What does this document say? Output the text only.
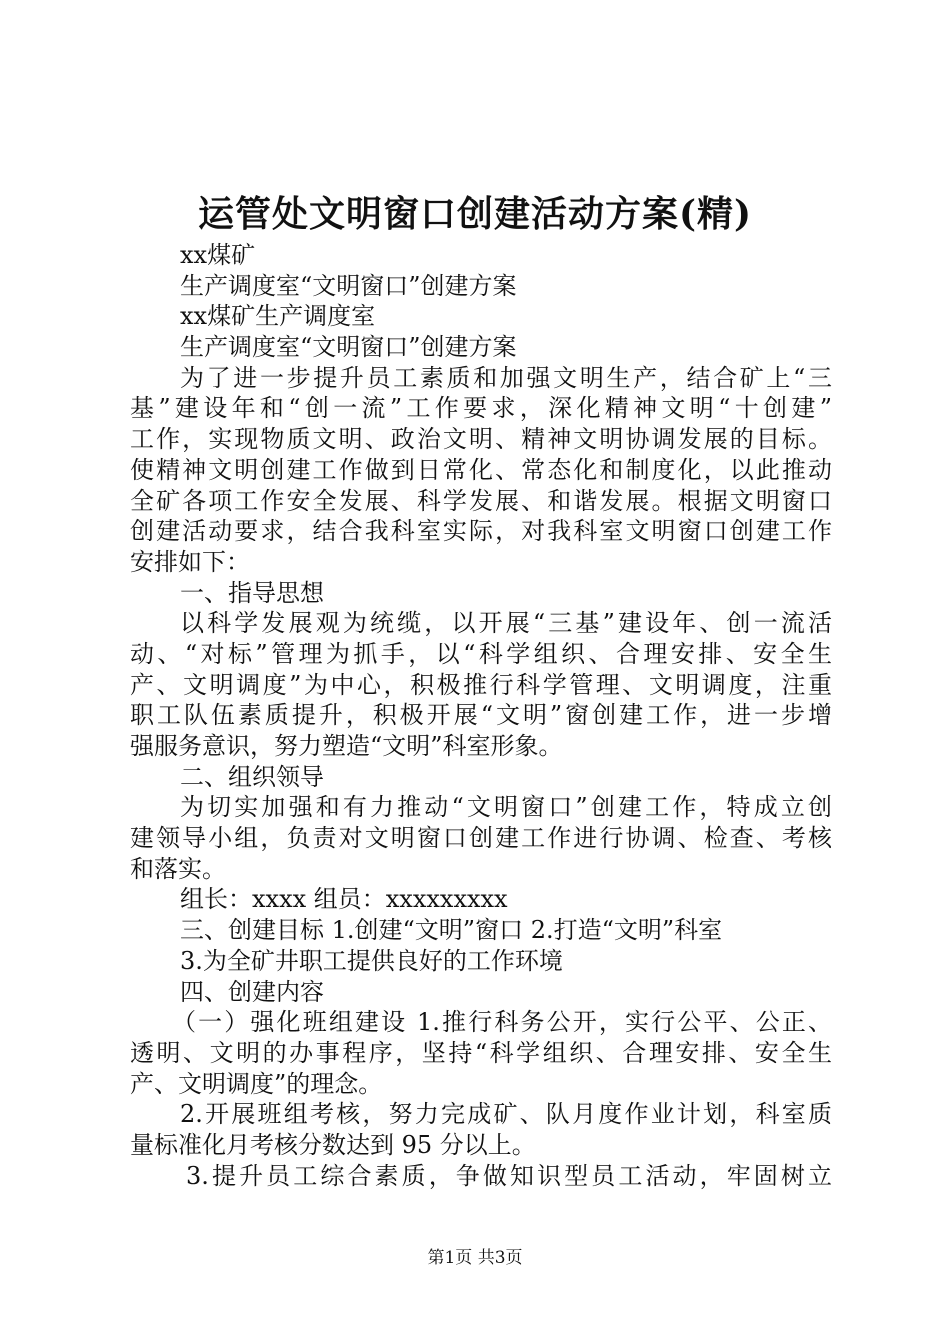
运管处文明窗口创建活动方案(精)

xx煤矿

生产调度室“文明窗口”创建方案

xx煤矿生产调度室

生产调度室“文明窗口”创建方案

为了进一步提升员工素质和加强文明生产，结合矿上“三

基”建设年和“创一流”工作要求，深化精神文明“十创建”

工作，实现物质文明、政治文明、精神文明协调发展的目标。

使精神文明创建工作做到日常化、常态化和制度化，以此推动

全矿各项工作安全发展、科学发展、和谐发展。根据文明窗口

创建活动要求，结合我科室实际，对我科室文明窗口创建工作

安排如下：

一、指导思想

以科学发展观为统缆，以开展“三基”建设年、创一流活

动、“对标”管理为抓手，以“科学组织、合理安排、安全生

产、文明调度”为中心，积极推行科学管理、文明调度，注重

职工队伍素质提升，积极开展“文明”窗创建工作，进一步增

强服务意识，努力塑造“文明”科室形象。

二、组织领导

为切实加强和有力推动“文明窗口”创建工作，特成立创

建领导小组，负责对文明窗口创建工作进行协调、检查、考核

和落实。

组长：xxxx 组员：xxxxxxxxx

三、创建目标 1.创建“文明”窗口 2.打造“文明”科室

3.为全矿井职工提供良好的工作环境

四、创建内容

（一）强化班组建设 1.推行科务公开，实行公平、公正、

透明、文明的办事程序，坚持“科学组织、合理安排、安全生

产、文明调度”的理念。

2.开展班组考核，努力完成矿、队月度作业计划，科室质

量标准化月考核分数达到 95 分以上。

3.提升员工综合素质，争做知识型员工活动，牢固树立

第1页 共3页
